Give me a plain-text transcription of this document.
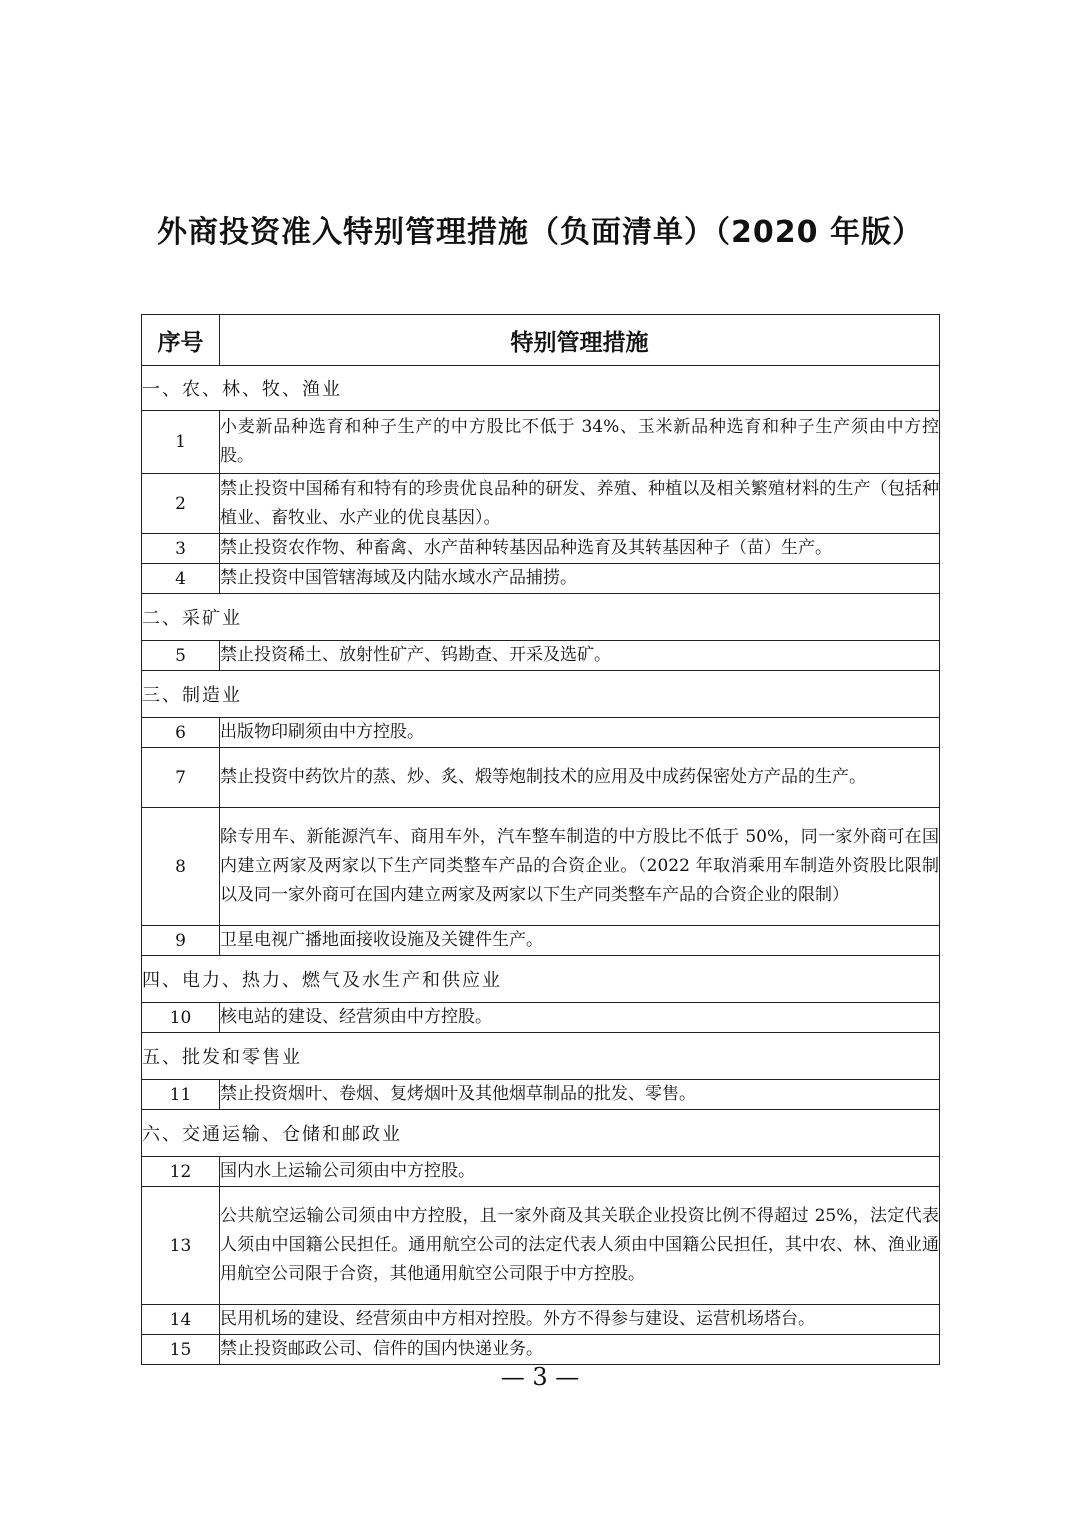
外商投资准入特别管理措施（负面清单）（2020 年版）
序号	特别管理措施
一、农、林、牧、渔业	
1	小麦新品种选育和种子生产的中方股比不低于 34%、玉米新品种选育和种子生产须由中方控股。
2	禁止投资中国稀有和特有的珍贵优良品种的研发、养殖、种植以及相关繁殖材料的生产（包括种植业、畜牧业、水产业的优良基因）。
3	禁止投资农作物、种畜禽、水产苗种转基因品种选育及其转基因种子（苗）生产。
4	禁止投资中国管辖海域及内陆水域水产品捕捞。
二、采矿业	
5	禁止投资稀土、放射性矿产、钨勘查、开采及选矿。
三、制造业	
6	出版物印刷须由中方控股。
7	禁止投资中药饮片的蒸、炒、炙、煅等炮制技术的应用及中成药保密处方产品的生产。
8	除专用车、新能源汽车、商用车外，汽车整车制造的中方股比不低于 50%，同一家外商可在国内建立两家及两家以下生产同类整车产品的合资企业。（2022 年取消乘用车制造外资股比限制以及同一家外商可在国内建立两家及两家以下生产同类整车产品的合资企业的限制）
9	卫星电视广播地面接收设施及关键件生产。
四、电力、热力、燃气及水生产和供应业	
10	核电站的建设、经营须由中方控股。
五、批发和零售业	
11	禁止投资烟叶、卷烟、复烤烟叶及其他烟草制品的批发、零售。
六、交通运输、仓储和邮政业	
12	国内水上运输公司须由中方控股。
13	公共航空运输公司须由中方控股，且一家外商及其关联企业投资比例不得超过 25%，法定代表人须由中国籍公民担任。通用航空公司的法定代表人须由中国籍公民担任，其中农、林、渔业通用航空公司限于合资，其他通用航空公司限于中方控股。
14	民用机场的建设、经营须由中方相对控股。外方不得参与建设、运营机场塔台。
15	禁止投资邮政公司、信件的国内快递业务。
— 3 —
